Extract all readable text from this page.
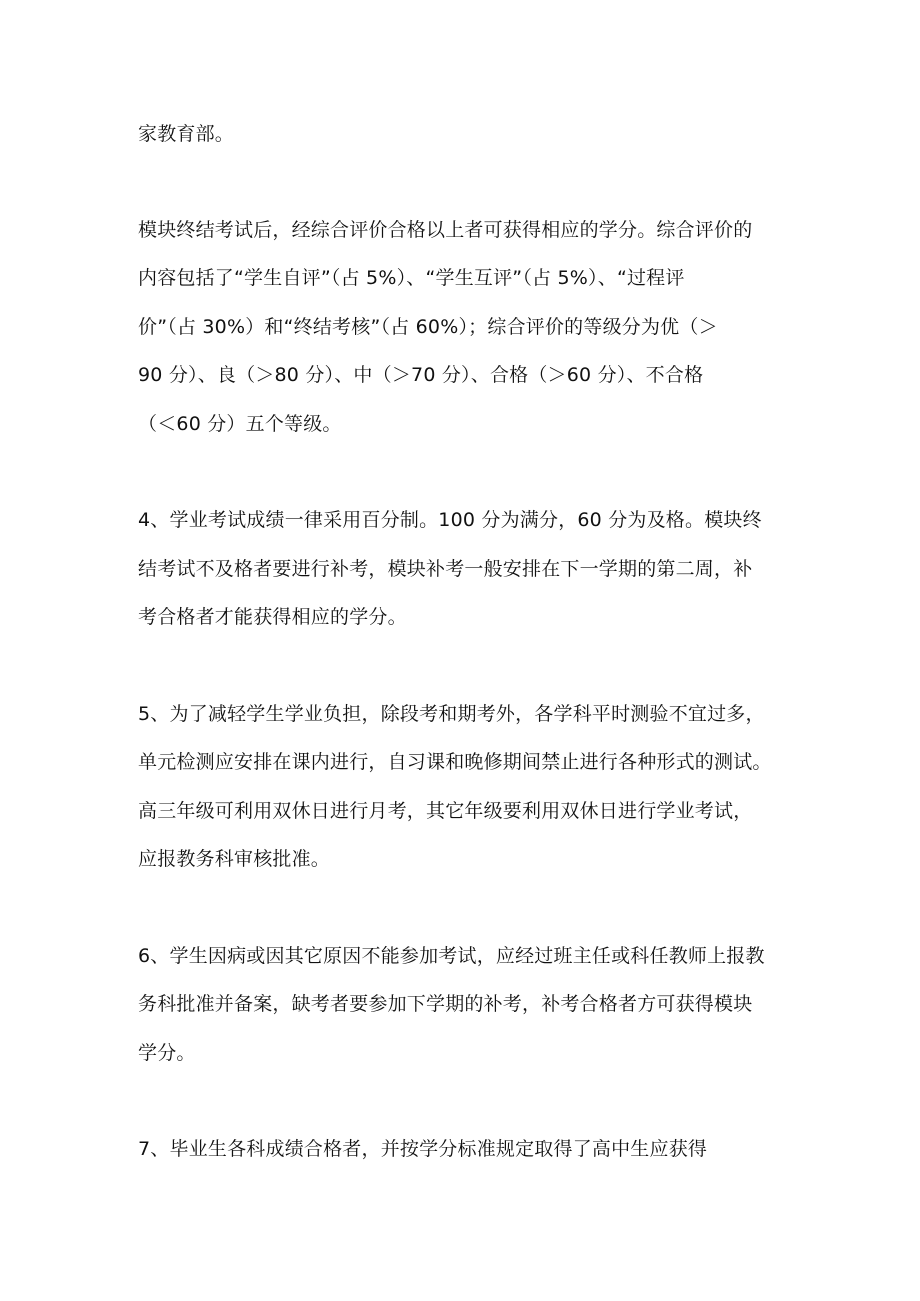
家教育部。
模块终结考试后，经综合评价合格以上者可获得相应的学分。综合评价的
内容包括了“学生自评”（占 5%）、“学生互评”（占 5%）、“过程评
价”（占 30%）和“终结考核”（占 60%）；综合评价的等级分为优（＞
90 分）、良（＞80 分）、中（＞70 分）、合格（＞60 分）、不合格
（＜60 分）五个等级。
4、学业考试成绩一律采用百分制。100 分为满分，60 分为及格。模块终
结考试不及格者要进行补考，模块补考一般安排在下一学期的第二周，补
考合格者才能获得相应的学分。
5、为了减轻学生学业负担，除段考和期考外，各学科平时测验不宜过多，
单元检测应安排在课内进行，自习课和晚修期间禁止进行各种形式的测试。
高三年级可利用双休日进行月考，其它年级要利用双休日进行学业考试，
应报教务科审核批准。
6、学生因病或因其它原因不能参加考试，应经过班主任或科任教师上报教
务科批准并备案，缺考者要参加下学期的补考，补考合格者方可获得模块
学分。
7、毕业生各科成绩合格者，并按学分标准规定取得了高中生应获得
